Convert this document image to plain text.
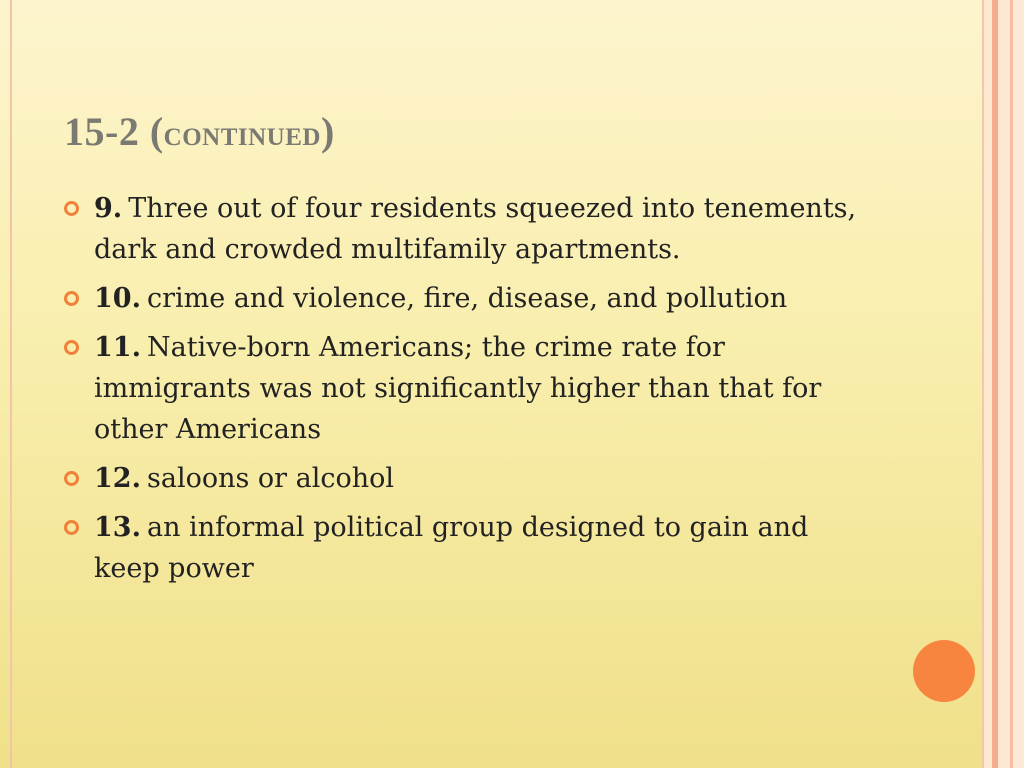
15-2 (continued)
9. Three out of four residents squeezed into tenements, dark and crowded multifamily apartments.
10. crime and violence, fire, disease, and pollution
11. Native-born Americans; the crime rate for immigrants was not significantly higher than that for other Americans
12. saloons or alcohol
13. an informal political group designed to gain and keep power
